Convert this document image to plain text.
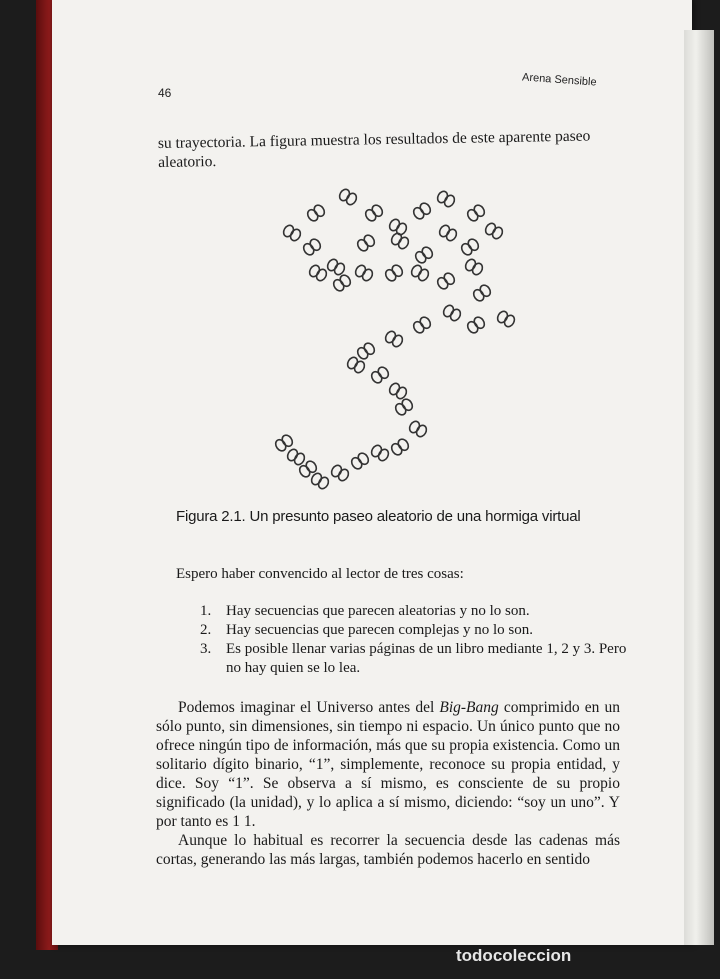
46
Arena Sensible

su trayectoria. La figura muestra los resultados de este aparente paseo aleatorio.

Figura 2.1. Un presunto paseo aleatorio de una hormiga virtual

Espero haber convencido al lector de tres cosas:

1. Hay secuencias que parecen aleatorias y no lo son.
2. Hay secuencias que parecen complejas y no lo son.
3. Es posible llenar varias páginas de un libro mediante 1, 2 y 3. Pero no hay quien se lo lea.
Podemos imaginar el Universo antes del Big-Bang comprimido en un sólo punto, sin dimensiones, sin tiempo ni espacio. Un único punto que no ofrece ningún tipo de información, más que su propia existencia. Como un solitario dígito binario, “1”, simplemente, reconoce su propia entidad, y dice. Soy “1”. Se observa a sí mismo, es consciente de su propio significado (la unidad), y lo aplica a sí mismo, diciendo: “soy un uno”. Y por tanto es 1 1.
Aunque lo habitual es recorrer la secuencia desde las cadenas más cortas, generando las más largas, también podemos hacerlo en sentido
todocoleccion
